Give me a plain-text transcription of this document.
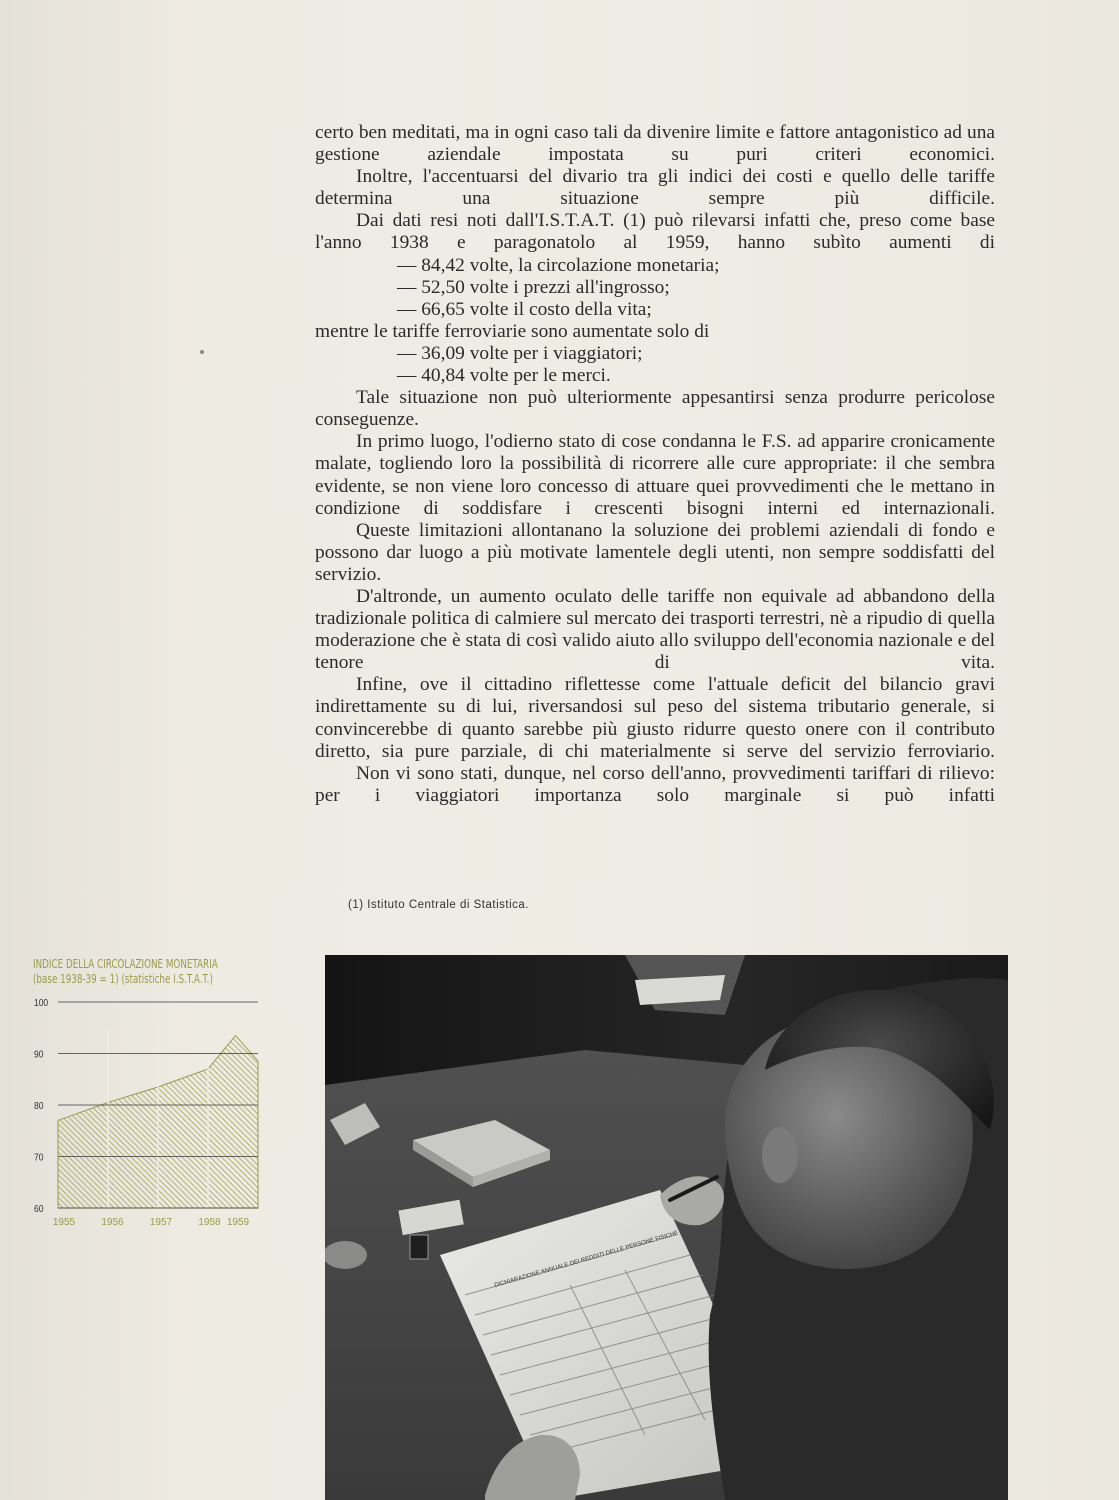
certo ben meditati, ma in ogni caso tali da divenire limite e fattore antagonistico ad una gestione aziendale impostata su puri criteri economici.

Inoltre, l'accentuarsi del divario tra gli indici dei costi e quello delle tariffe determina una situazione sempre più difficile.

Dai dati resi noti dall'I.S.T.A.T. (1) può rilevarsi infatti che, preso come base l'anno 1938 e paragonatolo al 1959, hanno subìto aumenti di

— 84,42 volte, la circolazione monetaria;

— 52,50 volte i prezzi all'ingrosso;

— 66,65 volte il costo della vita;

mentre le tariffe ferroviarie sono aumentate solo di

— 36,09 volte per i viaggiatori;

— 40,84 volte per le merci.

Tale situazione non può ulteriormente appesantirsi senza produrre pericolose conseguenze.

In primo luogo, l'odierno stato di cose condanna le F.S. ad apparire cronicamente malate, togliendo loro la possibilità di ricorrere alle cure appropriate: il che sembra evidente, se non viene loro concesso di attuare quei provvedimenti che le mettano in condizione di soddisfare i crescenti bisogni interni ed internazionali.

Queste limitazioni allontanano la soluzione dei problemi aziendali di fondo e possono dar luogo a più motivate lamentele degli utenti, non sempre soddisfatti del servizio.

D'altronde, un aumento oculato delle tariffe non equivale ad abbandono della tradizionale politica di calmiere sul mercato dei trasporti terrestri, nè a ripudio di quella moderazione che è stata di così valido aiuto allo sviluppo dell'economia nazionale e del tenore di vita.

Infine, ove il cittadino riflettesse come l'attuale deficit del bilancio gravi indirettamente su di lui, riversandosi sul peso del sistema tributario generale, si convincerebbe di quanto sarebbe più giusto ridurre questo onere con il contributo diretto, sia pure parziale, di chi materialmente si serve del servizio ferroviario.

Non vi sono stati, dunque, nel corso dell'anno, provvedimenti tariffari di rilievo: per i viaggiatori importanza solo marginale si può infatti

(1) Istituto Centrale di Statistica.
INDICE DELLA CIRCOLAZIONE MONETARIA
(base 1938-39 = 1) (statistiche I.S.T.A.T.)
100
90
80
70
60
1955	1956	1957	1958 1959
DICHIARAZIONE ANNUALE DEI REDDITI DELLE PERSONE FISICHE
